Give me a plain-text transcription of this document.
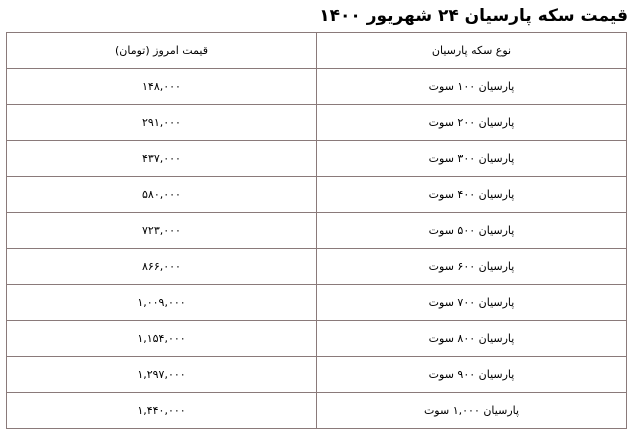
قیمت سکه پارسیان ۲۴ شهریور ۱۴۰۰
نوع سکه پارسیان	قیمت امروز (تومان)
پارسیان ۱۰۰ سوت	۱۴۸,۰۰۰
پارسیان ۲۰۰ سوت	۲۹۱,۰۰۰
پارسیان ۳۰۰ سوت	۴۳۷,۰۰۰
پارسیان ۴۰۰ سوت	۵۸۰,۰۰۰
پارسیان ۵۰۰ سوت	۷۲۳,۰۰۰
پارسیان ۶۰۰ سوت	۸۶۶,۰۰۰
پارسیان ۷۰۰ سوت	۱,۰۰۹,۰۰۰
پارسیان ۸۰۰ سوت	۱,۱۵۴,۰۰۰
پارسیان ۹۰۰ سوت	۱,۲۹۷,۰۰۰
پارسیان ۱,۰۰۰ سوت	۱,۴۴۰,۰۰۰
